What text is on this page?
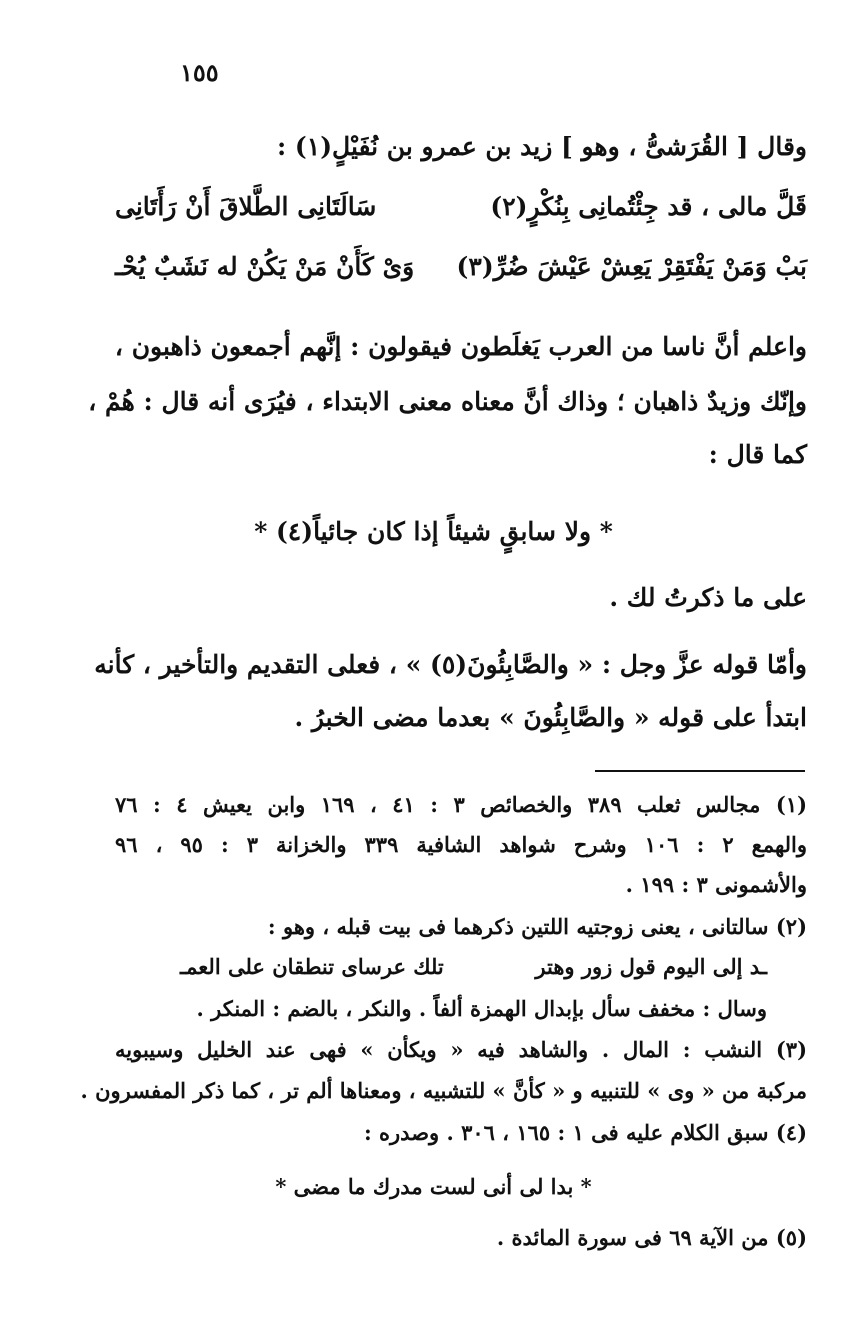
١٥٥
وقال [ القُرَشىُّ ، وهو ] زيد بن عمرو بن نُفَيْلٍ(١) :
سَالَتَانِى الطَّلاقَ أَنْ رَأَتَانِى	قَلَّ مالى ، قد جِئْتُمانِى بِنُكْرٍ(٢)
وَىْ كَأَنْ مَنْ يَكُنْ له نَشَبٌ يُحْـ بَبْ وَمَنْ يَفْتَقِرْ يَعِشْ عَيْشَ ضُرِّ(٣)
واعلم أنَّ ناسا من العرب يَغلَطون فيقولون : إنَّهم أجمعون ذاهبون ،
وإنّك وزيدٌ ذاهبان ؛ وذاك أنَّ معناه معنى الابتداء ، فيُرَى أنه قال : هُمْ ،
كما قال :
* ولا سابقٍ شيئاً إذا كان جائياً(٤) *
على ما ذكرتُ لك .
وأمّا قوله عزَّ وجل : « والصَّابِئُونَ(٥) » ، فعلى التقديم والتأخير ، كأنه
ابتدأ على قوله « والصَّابِئُونَ » بعدما مضى الخبرُ .
(١) مجالس ثعلب ٣٨٩ والخصائص ٣ : ٤١ ، ١٦٩ وابن يعيش ٤ : ٧٦
والهمع ٢ : ١٠٦ وشرح شواهد الشافية ٣٣٩ والخزانة ٣ : ٩٥ ، ٩٦
والأشمونى ٣ : ١٩٩ .
(٢) سالتانى ، يعنى زوجتيه اللتين ذكرهما فى بيت قبله ، وهو :
تلك عرساى تنطقان على العمـ	ـد إلى اليوم قول زور وهتر
وسال : مخفف سأل بإبدال الهمزة ألفاً . والنكر ، بالضم : المنكر .
(٣) النشب : المال . والشاهد فيه « ويكأن » فهى عند الخليل وسيبويه
مركبة من « وى » للتنبيه و « كأنَّ » للتشبيه ، ومعناها ألم تر ، كما ذكر المفسرون .
(٤) سبق الكلام عليه فى ١ : ١٦٥ ، ٣٠٦ . وصدره :
* بدا لى أنى لست مدرك ما مضى *
(٥) من الآية ٦٩ فى سورة المائدة .
